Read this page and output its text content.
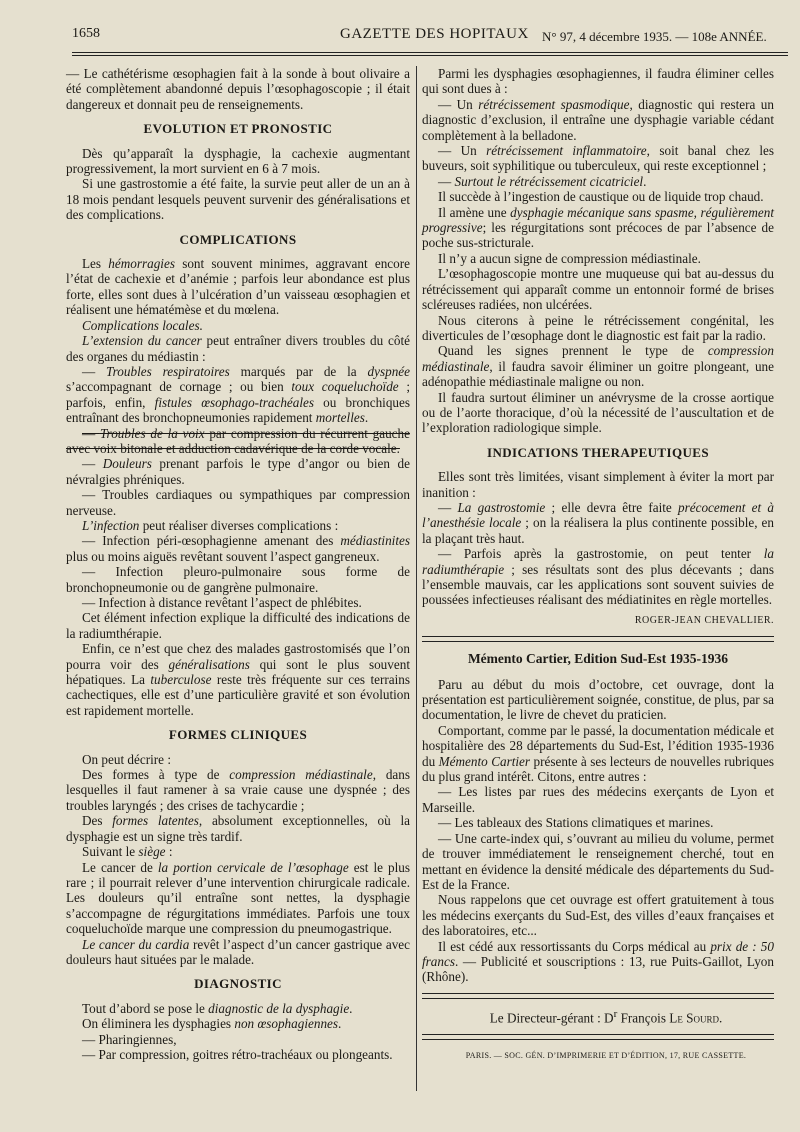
1658	GAZETTE DES HOPITAUX N° 97, 4 décembre 1935. — 108e ANNÉE.

— Le cathétérisme œsophagien fait à la sonde à bout olivaire a été complètement abandonné depuis l’œsophagoscopie ; il était dangereux et donnait peu de renseignements.

EVOLUTION ET PRONOSTIC

Dès qu’apparaît la dysphagie, la cachexie augmentant progressivement, la mort survient en 6 à 7 mois.

Si une gastrostomie a été faite, la survie peut aller de un an à 18 mois pendant lesquels peuvent survenir des généralisations et des complications.

COMPLICATIONS

Les hémorragies sont souvent minimes, aggravant encore l’état de cachexie et d’anémie ; parfois leur abondance est plus forte, elles sont dues à l’ulcération d’un vaisseau œsophagien et réalisent une hématémèse et du mœlena.

Complications locales.

L’extension du cancer peut entraîner divers troubles du côté des organes du médiastin :

— Troubles respiratoires marqués par de la dyspnée s’accompagnant de cornage ; ou bien toux coqueluchoïde ; parfois, enfin, fistules œsophago-trachéales ou bronchiques entraînant des bronchopneumonies rapidement mortelles.

— Troubles de la voix par compression du récurrent gauche avec voix bitonale et adduction cadavérique de la corde vocale.

— Douleurs prenant parfois le type d’angor ou bien de névralgies phréniques.

— Troubles cardiaques ou sympathiques par compression nerveuse.

L’infection peut réaliser diverses complications :

— Infection péri-œsophagienne amenant des médiastinites plus ou moins aiguës revêtant souvent l’aspect gangreneux.

— Infection pleuro-pulmonaire sous forme de bronchopneumonie ou de gangrène pulmonaire.

— Infection à distance revêtant l’aspect de phlébites.

Cet élément infection explique la difficulté des indications de la radiumthérapie.

Enfin, ce n’est que chez des malades gastrostomisés que l’on pourra voir des généralisations qui sont le plus souvent hépatiques. La tuberculose reste très fréquente sur ces terrains cachectiques, elle est d’une particulière gravité et son évolution est rapidement mortelle.

FORMES CLINIQUES

On peut décrire :

Des formes à type de compression médiastinale, dans lesquelles il faut ramener à sa vraie cause une dyspnée ; des troubles laryngés ; des crises de tachycardie ;

Des formes latentes, absolument exceptionnelles, où la dysphagie est un signe très tardif.

Suivant le siège :

Le cancer de la portion cervicale de l’œsophage est le plus rare ; il pourrait relever d’une intervention chirurgicale radicale. Les douleurs qu’il entraîne sont nettes, la dysphagie s’accompagne de régurgitations immédiates. Parfois une toux coqueluchoïde marque une compression du pneumogastrique.

Le cancer du cardia revêt l’aspect d’un cancer gastrique avec douleurs haut situées par le malade.

DIAGNOSTIC

Tout d’abord se pose le diagnostic de la dysphagie.

On éliminera les dysphagies non œsophagiennes.

— Pharingiennes,

— Par compression, goitres rétro-trachéaux ou plongeants.

Parmi les dysphagies œsophagiennes, il faudra éliminer celles qui sont dues à :

— Un rétrécissement spasmodique, diagnostic qui restera un diagnostic d’exclusion, il entraîne une dysphagie variable cédant complètement à la belladone.

— Un rétrécissement inflammatoire, soit banal chez les buveurs, soit syphilitique ou tuberculeux, qui reste exceptionnel ;

— Surtout le rétrécissement cicatriciel.

Il succède à l’ingestion de caustique ou de liquide trop chaud.

Il amène une dysphagie mécanique sans spasme, régulièrement progressive; les régurgitations sont précoces de par l’absence de poche sus-stricturale.

Il n’y a aucun signe de compression médiastinale.

L’œsophagoscopie montre une muqueuse qui bat au-dessus du rétrécissement qui apparaît comme un entonnoir formé de brises scléreuses radiées, non ulcérées.

Nous citerons à peine le rétrécissement congénital, les diverticules de l’œsophage dont le diagnostic est fait par la radio.

Quand les signes prennent le type de compression médiastinale, il faudra savoir éliminer un goitre plongeant, une adénopathie médiastinale maligne ou non.

Il faudra surtout éliminer un anévrysme de la crosse aortique ou de l’aorte thoracique, d’où la nécessité de l’auscultation et de l’exploration radiologique simple.

INDICATIONS THERAPEUTIQUES

Elles sont très limitées, visant simplement à éviter la mort par inanition :

— La gastrostomie ; elle devra être faite précocement et à l’anesthésie locale ; on la réalisera la plus continente possible, en la plaçant très haut.

— Parfois après la gastrostomie, on peut tenter la radiumthérapie ; ses résultats sont des plus décevants ; dans l’ensemble mauvais, car les applications sont souvent suivies de poussées infectieuses réalisant des médiatinites en règle mortelles.

ROGER-JEAN CHEVALLIER.

Mémento Cartier, Edition Sud-Est 1935-1936

Paru au début du mois d’octobre, cet ouvrage, dont la présentation est particulièrement soignée, constitue, de plus, par sa documentation, le livre de chevet du praticien.

Comportant, comme par le passé, la documentation médicale et hospitalière des 28 départements du Sud-Est, l’édition 1935-1936 du Mémento Cartier présente à ses lecteurs de nouvelles rubriques du plus grand intérêt. Citons, entre autres :

— Les listes par rues des médecins exerçants de Lyon et Marseille.

— Les tableaux des Stations climatiques et marines.

— Une carte-index qui, s’ouvrant au milieu du volume, permet de trouver immédiatement le renseignement cherché, tout en mettant en évidence la densité médicale des départements du Sud-Est de la France.

Nous rappelons que cet ouvrage est offert gratuitement à tous les médecins exerçants du Sud-Est, des villes d’eaux françaises et des laboratoires, etc...

Il est cédé aux ressortissants du Corps médical au prix de : 50 francs. — Publicité et souscriptions : 13, rue Puits-Gaillot, Lyon (Rhône).

Le Directeur-gérant : $D^r$ François Le Sourd.

PARIS. — SOC. GÉN. D’IMPRIMERIE ET D’ÉDITION, 17, RUE CASSETTE.
